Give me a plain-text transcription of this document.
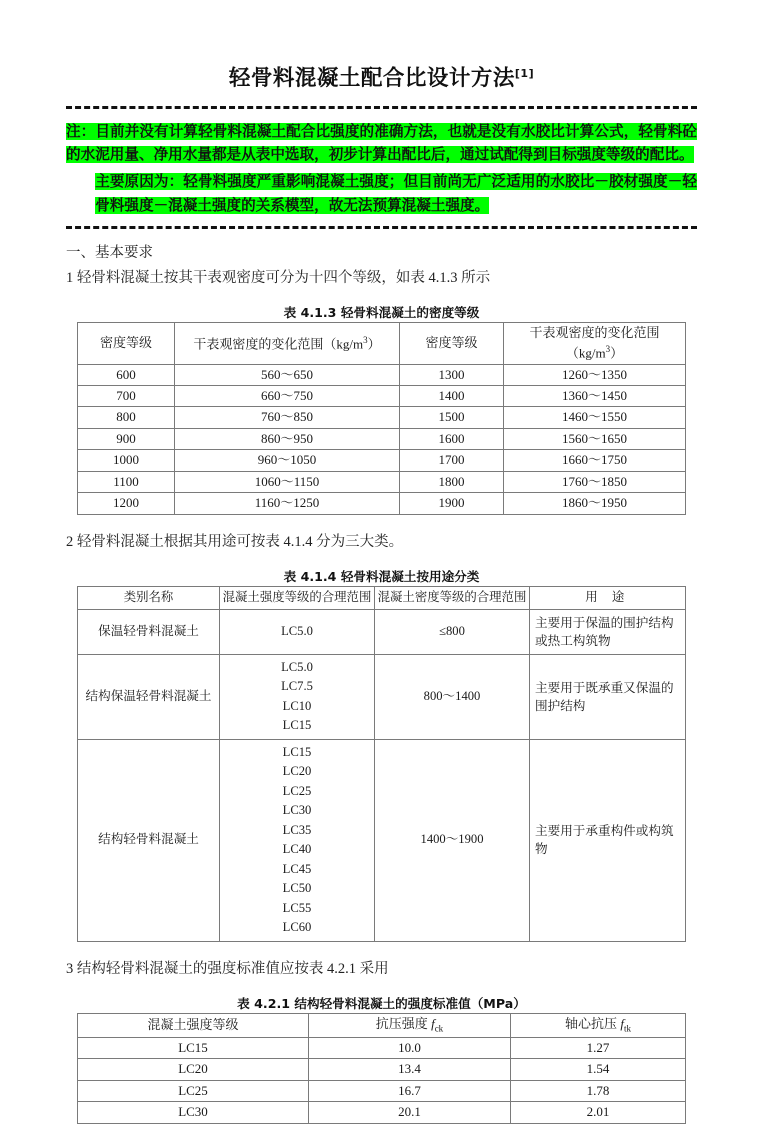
轻骨料混凝土配合比设计方法[1]

注：目前并没有计算轻骨料混凝土配合比强度的准确方法，也就是没有水胶比计算公式，轻骨料砼的水泥用量、净用水量都是从表中选取，初步计算出配比后，通过试配得到目标强度等级的配比。

主要原因为：轻骨料强度严重影响混凝土强度；但目前尚无广泛适用的水胶比－胶材强度－轻骨料强度－混凝土强度的关系模型，故无法预算混凝土强度。

一、基本要求

1 轻骨料混凝土按其干表观密度可分为十四个等级，如表 4.1.3 所示

表 4.1.3 轻骨料混凝土的密度等级
密度等级	干表观密度的变化范围$(kg/m^3)$	密度等级	干表观密度的变化范围$(kg/m^3)$
600	560～650	1300	1260～1350
700	660～750	1400	1360～1450
800	760～850	1500	1460～1550
900	860～950	1600	1560～1650
1000	960～1050	1700	1660～1750
1100	1060～1150	1800	1760～1850
1200	1160～1250	1900	1860～1950

2 轻骨料混凝土根据其用途可按表 4.1.4 分为三大类。

表 4.1.4 轻骨料混凝土按用途分类
类别名称	混凝土强度等级的合理范围	混凝土密度等级的合理范围	用 途
保温轻骨料混凝土	LC5.0	≤800	主要用于保温的围护结构或热工构筑物
结构保温轻骨料混凝土	LC5.0
LC7.5
LC10
LC15	800～1400	主要用于既承重又保温的围护结构
结构轻骨料混凝土	LC15
LC20
LC25
LC30
LC35
LC40
LC45
LC50
LC55
LC60	1400～1900	主要用于承重构件或构筑物

3 结构轻骨料混凝土的强度标准值应按表 4.2.1 采用

表 4.2.1 结构轻骨料混凝土的强度标准值（MPa）
混凝土强度等级	抗压强度 $f_{ck}$	轴心抗压 $f_{tk}$
LC15	10.0	1.27
LC20	13.4	1.54
LC25	16.7	1.78
LC30	20.1	2.01
